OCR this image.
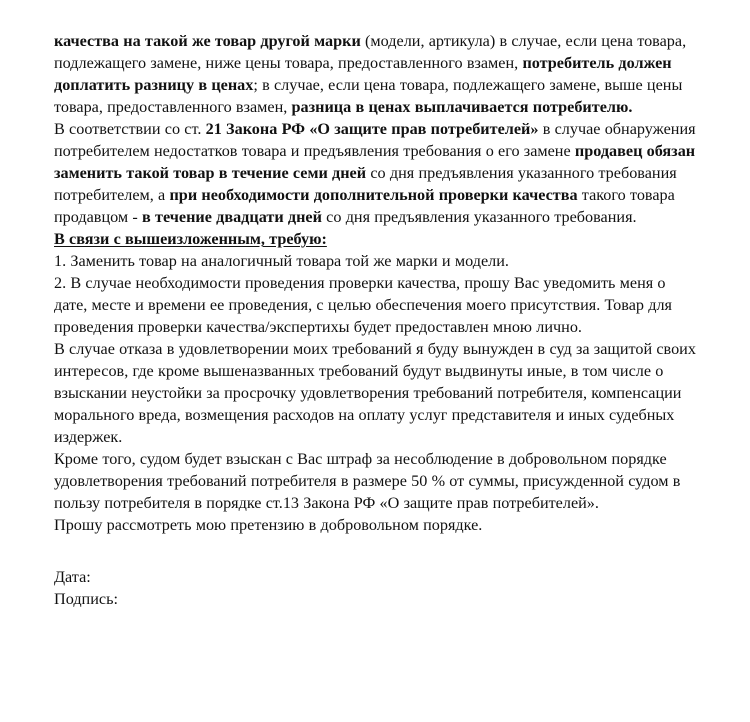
качества на такой же товар другой марки (модели, артикула) в случае, если цена товара, подлежащего замене, ниже цены товара, предоставленного взамен, потребитель должен доплатить разницу в ценах; в случае, если цена товара, подлежащего замене, выше цены товара, предоставленного взамен, разница в ценах выплачивается потребителю.

В соответствии со ст. 21 Закона РФ «О защите прав потребителей» в случае обнаружения потребителем недостатков товара и предъявления требования о его замене продавец обязан заменить такой товар в течение семи дней со дня предъявления указанного требования потребителем, а при необходимости дополнительной проверки качества такого товара продавцом - в течение двадцати дней со дня предъявления указанного требования.

В связи с вышеизложенным, требую:

1. Заменить товар на аналогичный товара той же марки и модели.

2. В случае необходимости проведения проверки качества, прошу Вас уведомить меня о дате, месте и времени ее проведения, с целью обеспечения моего присутствия. Товар для проведения проверки качества/экспертихы будет предоставлен мною лично.

В случае отказа в удовлетворении моих требований я буду вынужден в суд за защитой своих интересов, где кроме вышеназванных требований будут выдвинуты иные, в том числе о взыскании неустойки за просрочку удовлетворения требований потребителя, компенсации морального вреда, возмещения расходов на оплату услуг представителя и иных судебных издержек.

Кроме того, судом будет взыскан с Вас штраф за несоблюдение в добровольном порядке удовлетворения требований потребителя в размере 50 % от суммы, присужденной судом в пользу потребителя в порядке ст.13 Закона РФ «О защите прав потребителей».

Прошу рассмотреть мою претензию в добровольном порядке.

Дата:

Подпись:
